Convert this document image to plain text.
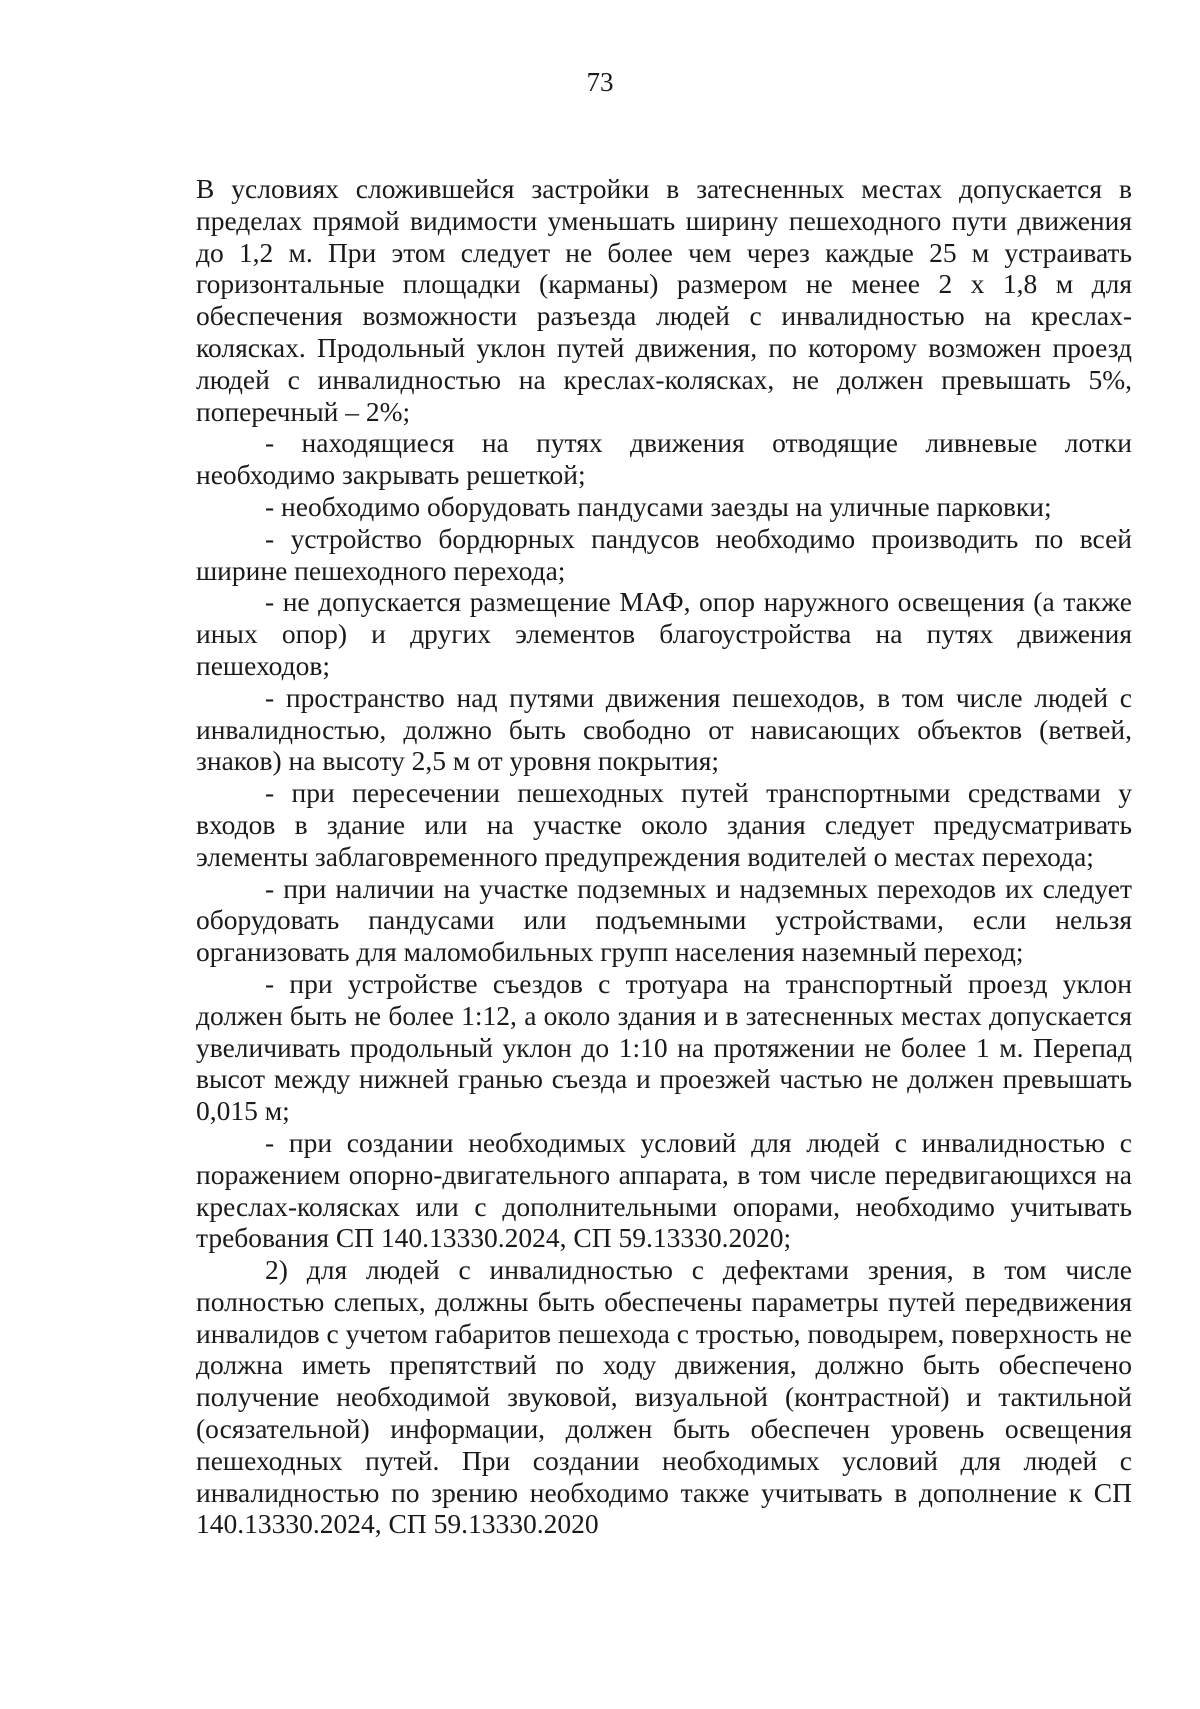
73

В условиях сложившейся застройки в затесненных местах допускается в пределах прямой видимости уменьшать ширину пешеходного пути движения до 1,2 м. При этом следует не более чем через каждые 25 м устраивать горизонтальные площадки (карманы) размером не менее 2 x 1,8 м для обеспечения возможности разъезда людей с инвалидностью на креслах-колясках. Продольный уклон путей движения, по которому возможен проезд людей с инвалидностью на креслах-колясках, не должен превышать 5%, поперечный – 2%;

- находящиеся на путях движения отводящие ливневые лотки необходимо закрывать решеткой;

- необходимо оборудовать пандусами заезды на уличные парковки;

- устройство бордюрных пандусов необходимо производить по всей ширине пешеходного перехода;

- не допускается размещение МАФ, опор наружного освещения (а также иных опор) и других элементов благоустройства на путях движения пешеходов;

- пространство над путями движения пешеходов, в том числе людей с инвалидностью, должно быть свободно от нависающих объектов (ветвей, знаков) на высоту 2,5 м от уровня покрытия;

- при пересечении пешеходных путей транспортными средствами у входов в здание или на участке около здания следует предусматривать элементы заблаговременного предупреждения водителей о местах перехода;

- при наличии на участке подземных и надземных переходов их следует оборудовать пандусами или подъемными устройствами, если нельзя организовать для маломобильных групп населения наземный переход;

- при устройстве съездов с тротуара на транспортный проезд уклон должен быть не более 1:12, а около здания и в затесненных местах допускается увеличивать продольный уклон до 1:10 на протяжении не более 1 м. Перепад высот между нижней гранью съезда и проезжей частью не должен превышать 0,015 м;

- при создании необходимых условий для людей с инвалидностью с поражением опорно-двигательного аппарата, в том числе передвигающихся на креслах-колясках или с дополнительными опорами, необходимо учитывать требования СП 140.13330.2024, СП 59.13330.2020;

2) для людей с инвалидностью с дефектами зрения, в том числе полностью слепых, должны быть обеспечены параметры путей передвижения инвалидов с учетом габаритов пешехода с тростью, поводырем, поверхность не должна иметь препятствий по ходу движения, должно быть обеспечено получение необходимой звуковой, визуальной (контрастной) и тактильной (осязательной) информации, должен быть обеспечен уровень освещения пешеходных путей. При создании необходимых условий для людей с инвалидностью по зрению необходимо также учитывать в дополнение к СП 140.13330.2024, СП 59.13330.2020
